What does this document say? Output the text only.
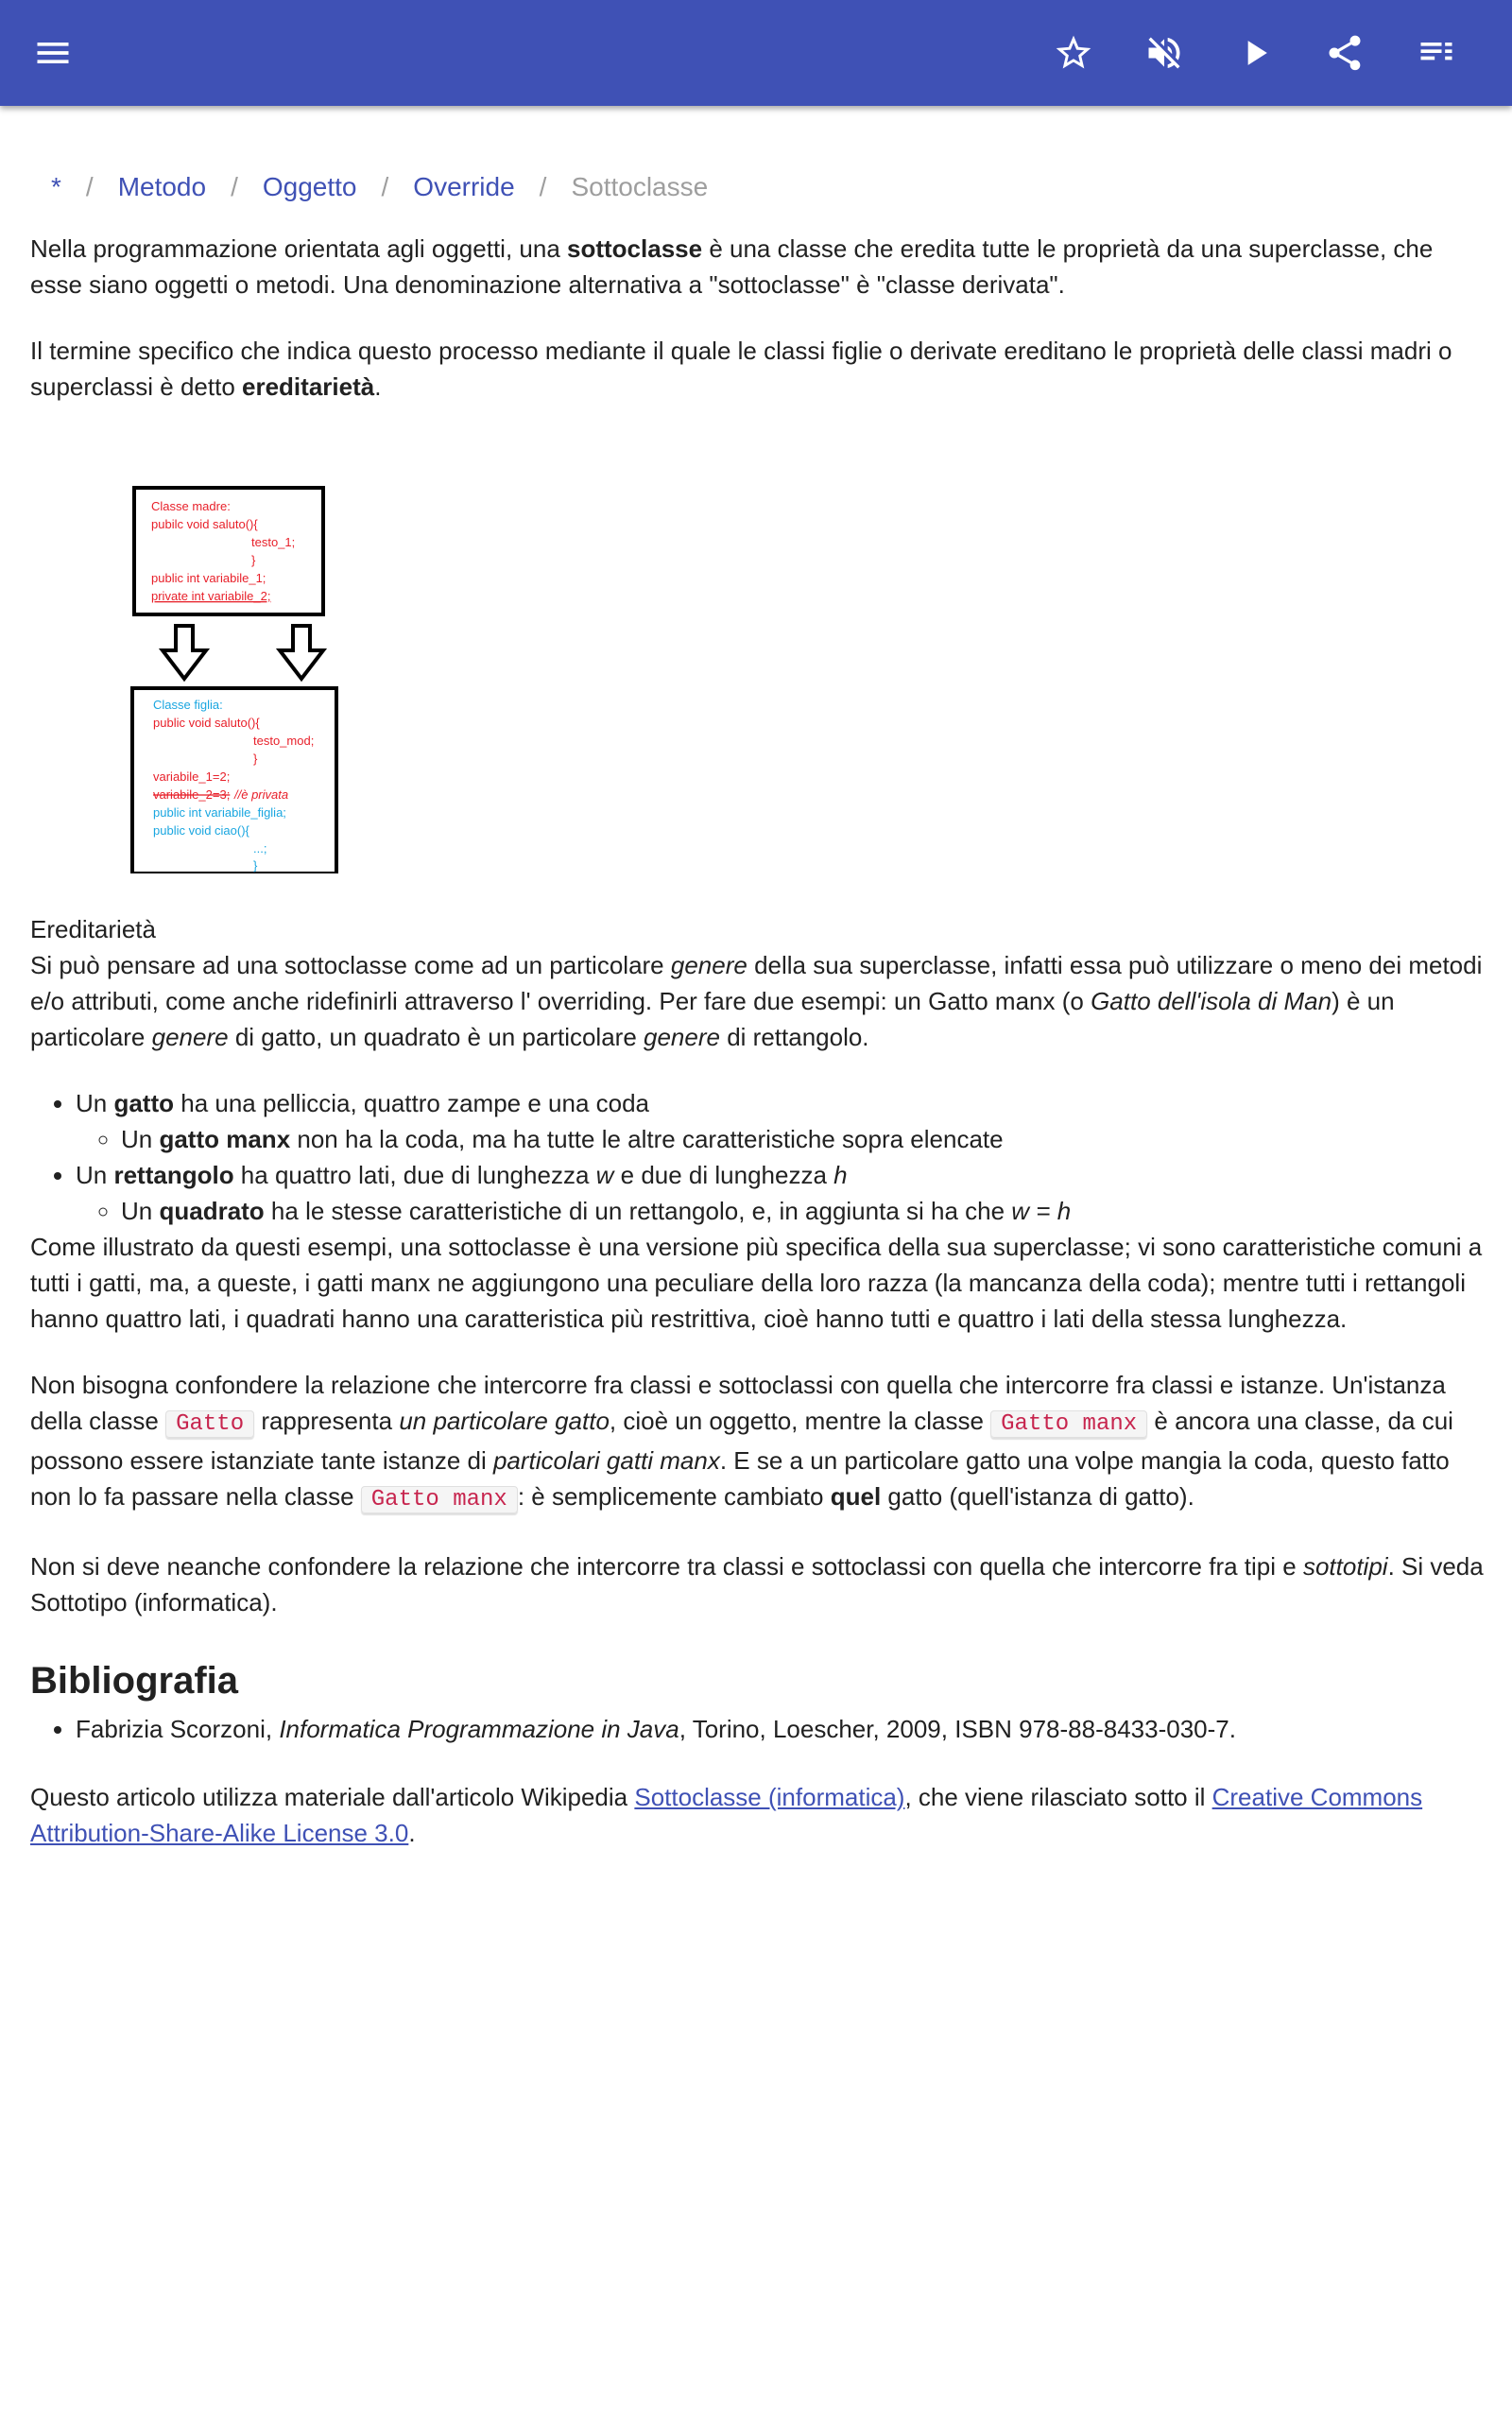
* / Metodo / Oggetto / Override / Sottoclasse

Nella programmazione orientata agli oggetti, una sottoclasse è una classe che eredita tutte le proprietà da una superclasse, che esse siano oggetti o metodi. Una denominazione alternativa a "sottoclasse" è "classe derivata".

Il termine specifico che indica questo processo mediante il quale le classi figlie o derivate ereditano le proprietà delle classi madri o superclassi è detto ereditarietà.

Classe madre:
pubilc void saluto(){
testo_1;
}
public int variabile_1;
private int variabile_2;
Classe figlia:
public void saluto(){
testo_mod;
}
variabile_1=2;
variabile_2=3; //è privata
public int variabile_figlia;
public void ciao(){
...;
}
Ereditarietà

Si può pensare ad una sottoclasse come ad un particolare genere della sua superclasse, infatti essa può utilizzare o meno dei metodi e/o attributi, come anche ridefinirli attraverso l' overriding. Per fare due esempi: un Gatto manx (o Gatto dell'isola di Man) è un particolare genere di gatto, un quadrato è un particolare genere di rettangolo.

• Un gatto ha una pelliccia, quattro zampe e una coda
◦ Un gatto manx non ha la coda, ma ha tutte le altre caratteristiche sopra elencate
• Un rettangolo ha quattro lati, due di lunghezza w e due di lunghezza h
◦ Un quadrato ha le stesse caratteristiche di un rettangolo, e, in aggiunta si ha che w = h

Come illustrato da questi esempi, una sottoclasse è una versione più specifica della sua superclasse; vi sono caratteristiche comuni a tutti i gatti, ma, a queste, i gatti manx ne aggiungono una peculiare della loro razza (la mancanza della coda); mentre tutti i rettangoli hanno quattro lati, i quadrati hanno una caratteristica più restrittiva, cioè hanno tutti e quattro i lati della stessa lunghezza.

Non bisogna confondere la relazione che intercorre fra classi e sottoclassi con quella che intercorre fra classi e istanze. Un'istanza della classe Gatto rappresenta un particolare gatto, cioè un oggetto, mentre la classe Gatto manx è ancora una classe, da cui possono essere istanziate tante istanze di particolari gatti manx. E se a un particolare gatto una volpe mangia la coda, questo fatto non lo fa passare nella classe Gatto manx : è semplicemente cambiato quel gatto (quell'istanza di gatto).

Non si deve neanche confondere la relazione che intercorre tra classi e sottoclassi con quella che intercorre fra tipi e sottotipi. Si veda Sottotipo (informatica).

Bibliografia
• Fabrizia Scorzoni, Informatica Programmazione in Java, Torino, Loescher, 2009, ISBN 978-88-8433-030-7.

Questo articolo utilizza materiale dall'articolo Wikipedia Sottoclasse (informatica), che viene rilasciato sotto il Creative Commons Attribution-Share-Alike License 3.0.
